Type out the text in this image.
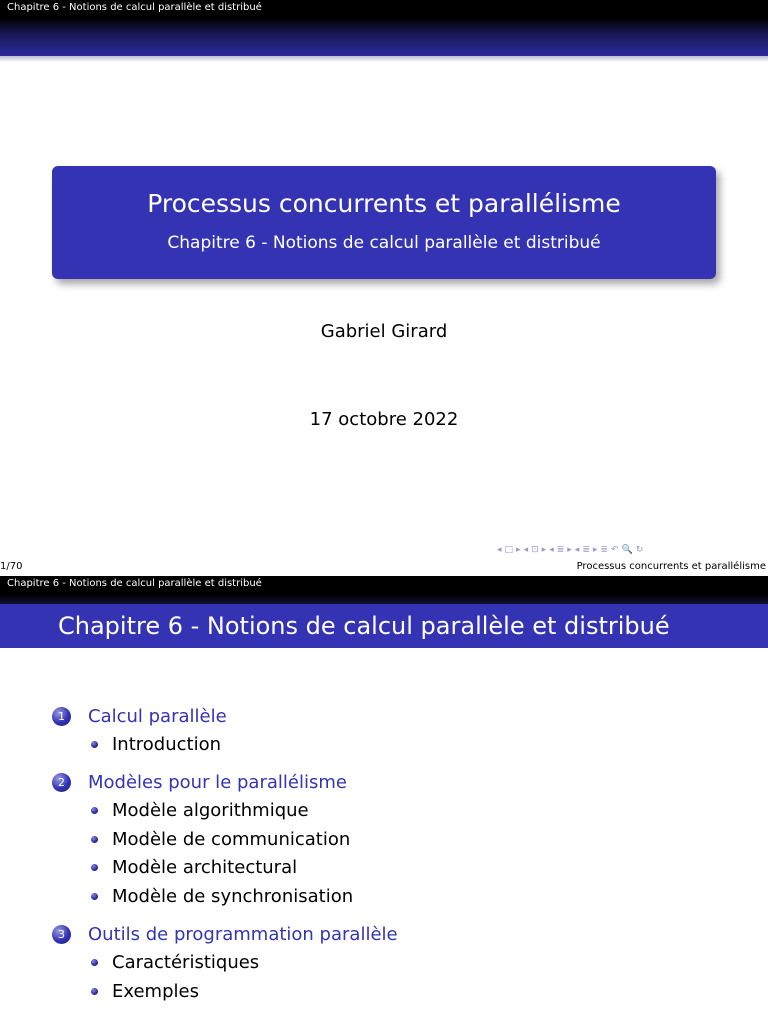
Chapitre 6 - Notions de calcul parallèle et distribué
Processus concurrents et parallélisme
Chapitre 6 - Notions de calcul parallèle et distribué
Gabriel Girard
17 octobre 2022
◂ □ ▸ ◂ ⊡ ▸ ◂ ≣ ▸ ◂ ≣ ▸ ≣ ↶ 🔍 ↻
1/70	Processus concurrents et parallélisme
Chapitre 6 - Notions de calcul parallèle et distribué
Chapitre 6 - Notions de calcul parallèle et distribué
1	Calcul parallèle
Introduction
2	Modèles pour le parallélisme
Modèle algorithmique
Modèle de communication
Modèle architectural
Modèle de synchronisation
3	Outils de programmation parallèle
Caractéristiques
Exemples
